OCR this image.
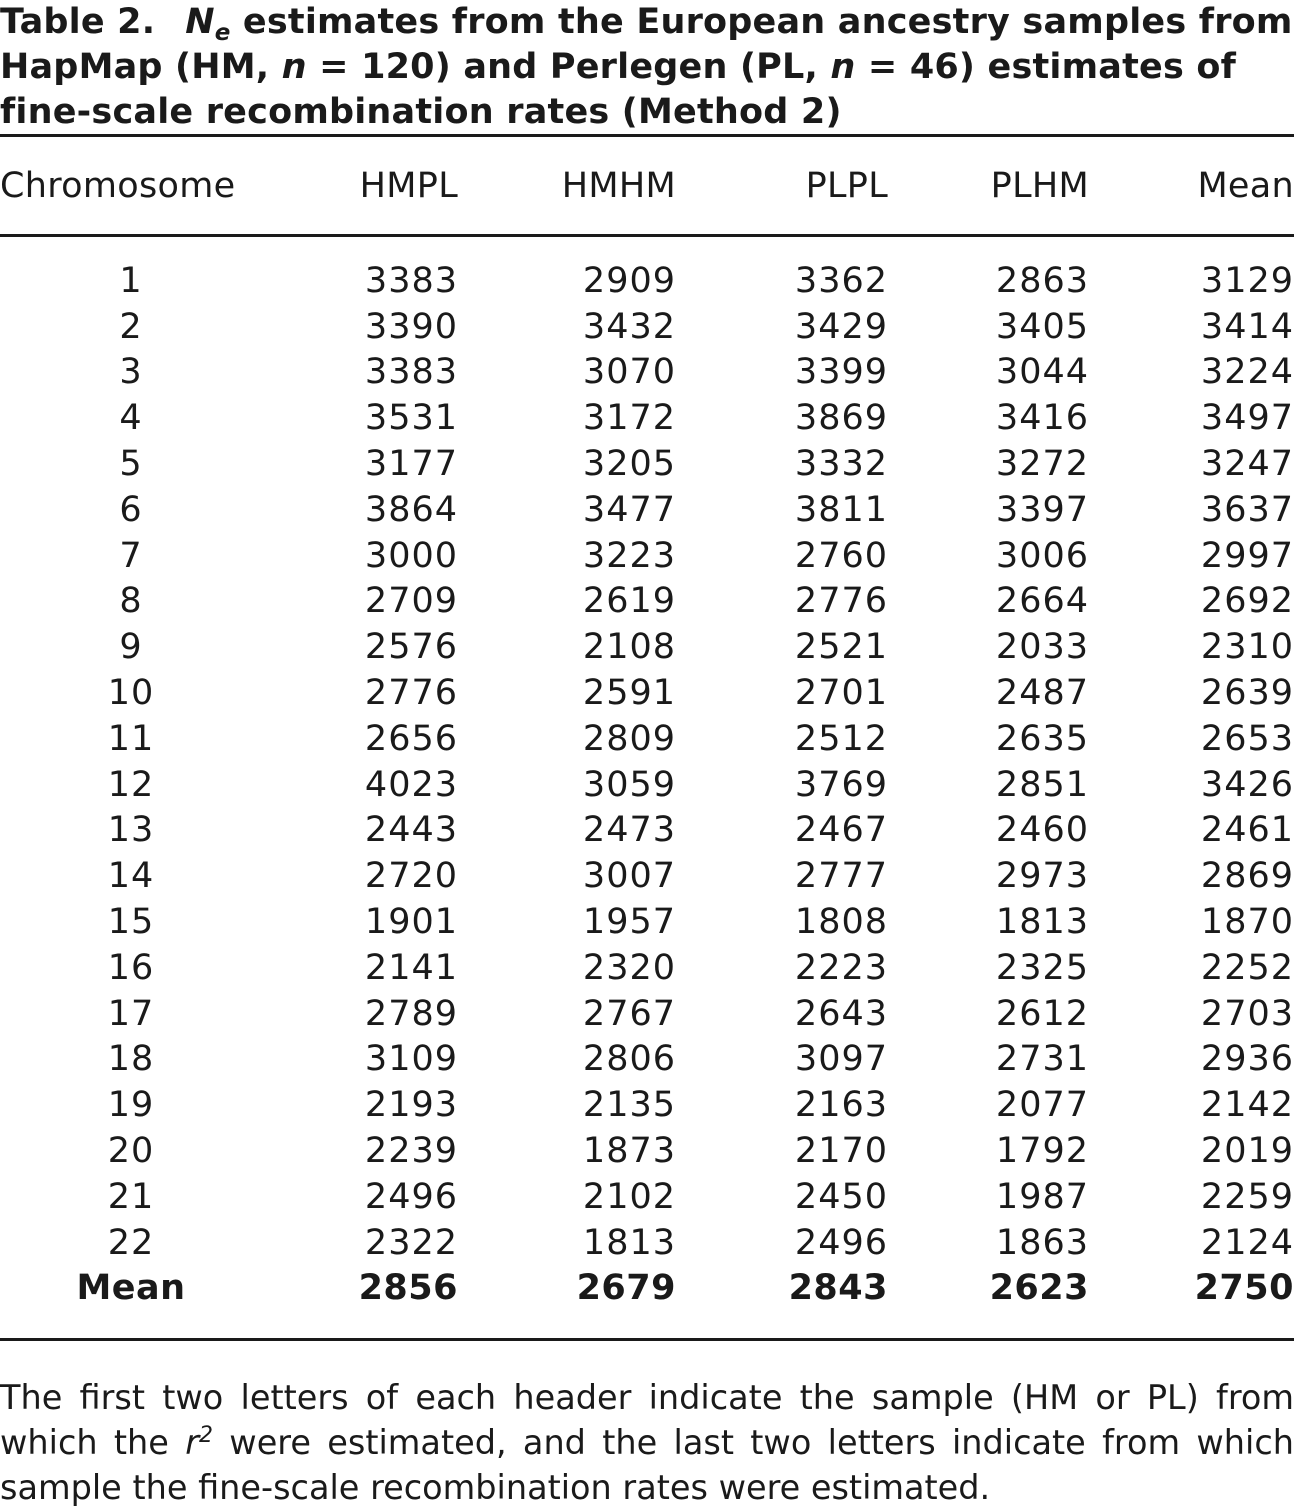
Table 2. $N_e$ estimates from the European ancestry samples from HapMap (HM, n = 120) and Perlegen (PL, n = 46) estimates of fine-scale recombination rates (Method 2)
Chromosome	HMPL	HMHM	PLPL	PLHM	Mean
1	3383	2909	3362	2863	3129
2	3390	3432	3429	3405	3414
3	3383	3070	3399	3044	3224
4	3531	3172	3869	3416	3497
5	3177	3205	3332	3272	3247
6	3864	3477	3811	3397	3637
7	3000	3223	2760	3006	2997
8	2709	2619	2776	2664	2692
9	2576	2108	2521	2033	2310
10	2776	2591	2701	2487	2639
11	2656	2809	2512	2635	2653
12	4023	3059	3769	2851	3426
13	2443	2473	2467	2460	2461
14	2720	3007	2777	2973	2869
15	1901	1957	1808	1813	1870
16	2141	2320	2223	2325	2252
17	2789	2767	2643	2612	2703
18	3109	2806	3097	2731	2936
19	2193	2135	2163	2077	2142
20	2239	1873	2170	1792	2019
21	2496	2102	2450	1987	2259
22	2322	1813	2496	1863	2124
Mean	2856	2679	2843	2623	2750
The first two letters of each header indicate the sample (HM or PL) from which the $r^2$ were estimated, and the last two letters indicate from which sample the fine-scale recombination rates were estimated.
